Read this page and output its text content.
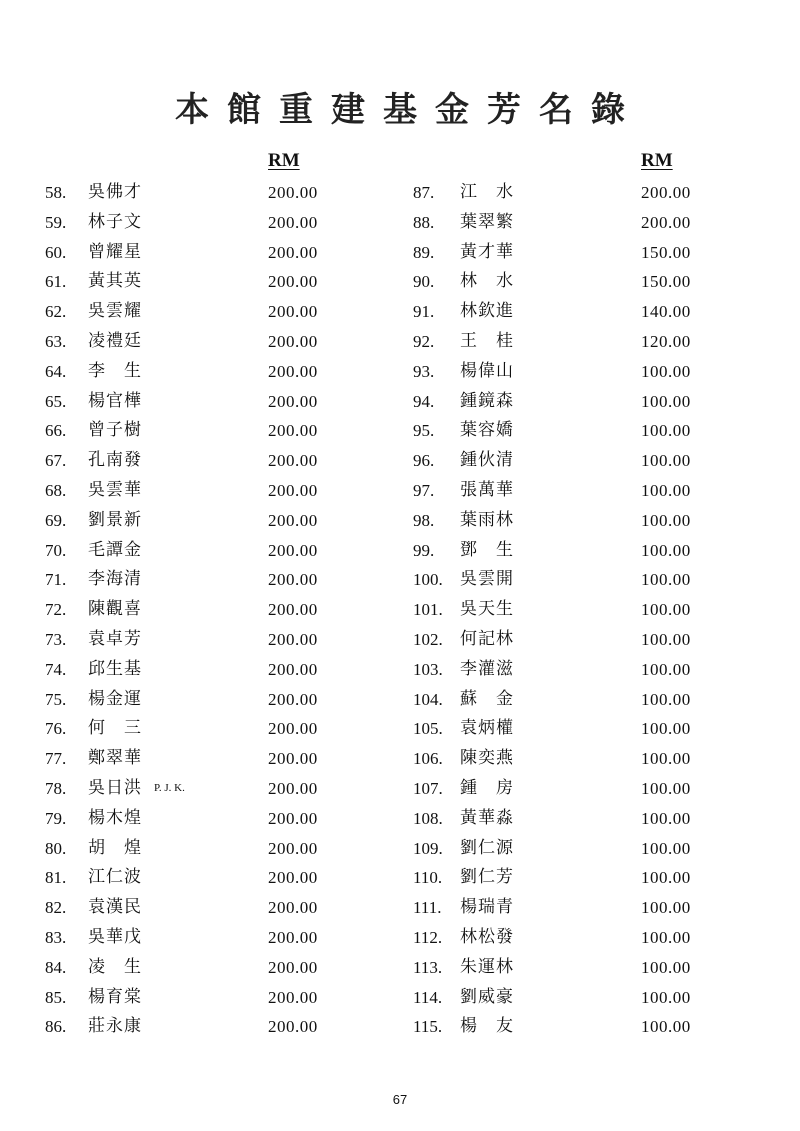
本館重建基金芳名錄
RM	RM
58. 吳佛才	200.00
59. 林子文	200.00
60. 曾耀星	200.00
61. 黃其英	200.00
62. 吳雲耀	200.00
63. 凌禮廷	200.00
64. 李　生	200.00
65. 楊官樺	200.00
66. 曾子樹	200.00
67. 孔南發	200.00
68. 吳雲華	200.00
69. 劉景新	200.00
70. 毛譚金	200.00
71. 李海清	200.00
72. 陳觀喜	200.00
73. 袁卓芳	200.00
74. 邱生基	200.00
75. 楊金運	200.00
76. 何　三	200.00
77. 鄭翠華	200.00
78. 吳日洪 P. J. K.	200.00
79. 楊木煌	200.00
80. 胡　煌	200.00
81. 江仁波	200.00
82. 袁漢民	200.00
83. 吳華戊	200.00
84. 凌　生	200.00
85. 楊育棠	200.00
86. 莊永康	200.00
87. 江　水	200.00
88. 葉翠繁	200.00
89. 黃才華	150.00
90. 林　水	150.00
91. 林欽進	140.00
92. 王　桂	120.00
93. 楊偉山	100.00
94. 鍾鏡森	100.00
95. 葉容嬌	100.00
96. 鍾伙清	100.00
97. 張萬華	100.00
98. 葉雨林	100.00
99. 鄧　生	100.00
100. 吳雲開	100.00
101. 吳天生	100.00
102. 何記林	100.00
103. 李灌滋	100.00
104. 蘇　金	100.00
105. 袁炳權	100.00
106. 陳奕燕	100.00
107. 鍾　房	100.00
108. 黃華淼	100.00
109. 劉仁源	100.00
110. 劉仁芳	100.00
111. 楊瑞青	100.00
112. 林松發	100.00
113. 朱運林	100.00
114. 劉威豪	100.00
115. 楊　友	100.00
67
